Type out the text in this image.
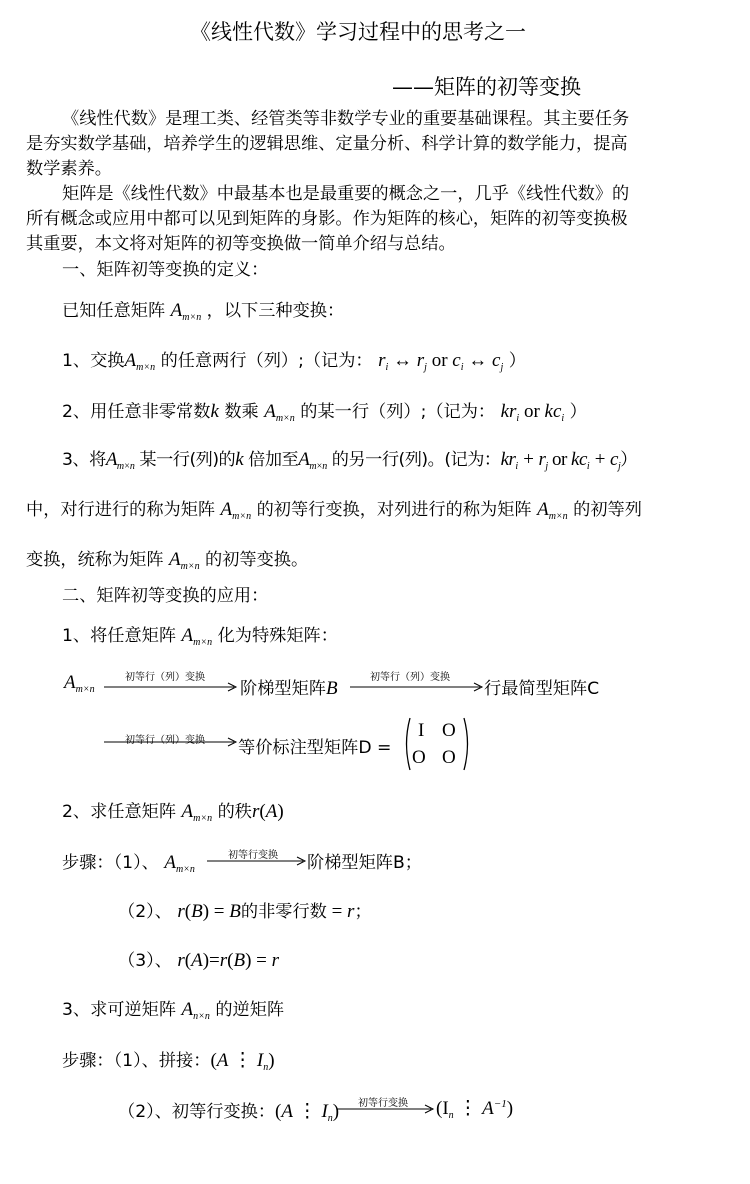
《线性代数》学习过程中的思考之一
——矩阵的初等变换
《线性代数》是理工类、经管类等非数学专业的重要基础课程。其主要任务
是夯实数学基础，培养学生的逻辑思维、定量分析、科学计算的数学能力，提高
数学素养。
矩阵是《线性代数》中最基本也是最重要的概念之一，几乎《线性代数》的
所有概念或应用中都可以见到矩阵的身影。作为矩阵的核心，矩阵的初等变换极
其重要，本文将对矩阵的初等变换做一简单介绍与总结。
一、矩阵初等变换的定义：
已知任意矩阵 $A_{m\times n}$ ，以下三种变换：
1、交换$A_{m\times n}$ 的任意两行（列）;（记为： $r_i$ ↔ $r_j$ or $c_i$ ↔ $c_j$ ）
2、用任意非零常数k 数乘 $A_{m\times n}$ 的某一行（列）;（记为： $kr_i$ or $kc_i$ ）
3、将$A_{m\times n}$ 某一行(列)的k 倍加至$A_{m\times n}$ 的另一行(列)。(记为：$kr_i + r_j$ or $kc_i + c_j$）
中，对行进行的称为矩阵 $A_{m\times n}$ 的初等行变换，对列进行的称为矩阵 $A_{m\times n}$ 的初等列
变换，统称为矩阵 $A_{m\times n}$ 的初等变换。
二、矩阵初等变换的应用：
1、将任意矩阵 $A_{m\times n}$ 化为特殊矩阵：
$A_{m\times n}$
初等行（列）变换
阶梯型矩阵B
初等行（列）变换
行最简型矩阵C
初等行（列）变换 等价标注型矩阵D =
I O
O O
2、求任意矩阵 $A_{m\times n}$ 的秩r(A)
步骤：（1）、 $A_{m\times n}$
初等行变换 阶梯型矩阵B；
（2）、 r(B) = B的非零行数 = r；
（3）、 r(A)=r(B) = r
3、求可逆矩阵 $A_{n\times n}$ 的逆矩阵
步骤：（1）、拼接：(A ⋮ $I_n$)
（2）、初等行变换：(A ⋮ $I_n$) 初等行变换 ($I_n$ ⋮ $A^{-1}$)
